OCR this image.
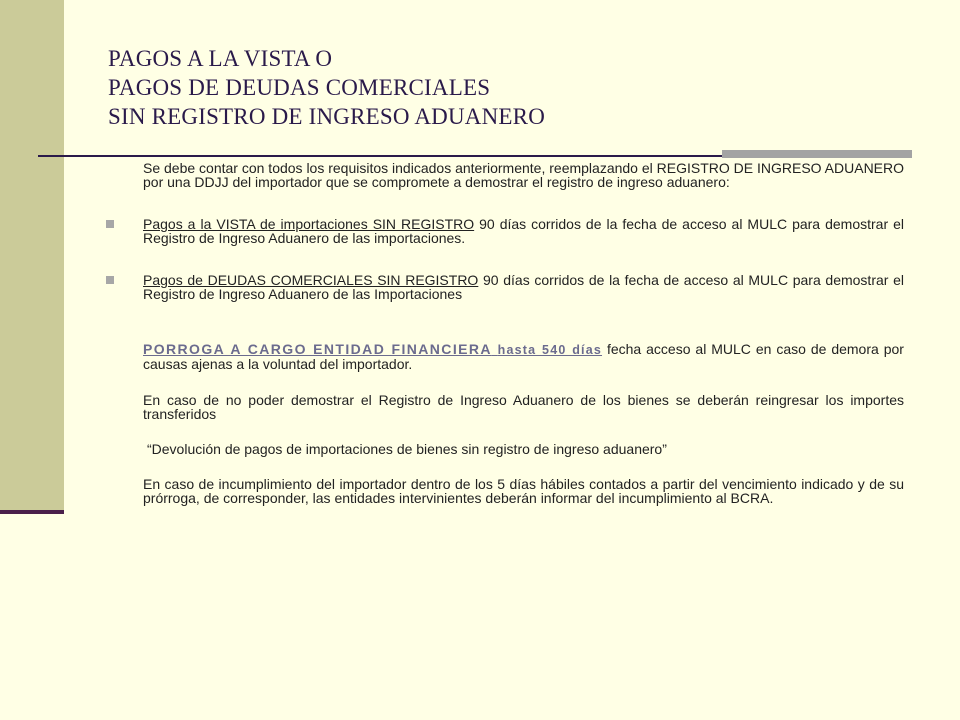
PAGOS A LA VISTA O
PAGOS DE DEUDAS COMERCIALES
SIN REGISTRO DE INGRESO ADUANERO

Se debe contar con todos los requisitos indicados anteriormente, reemplazando el REGISTRO DE INGRESO ADUANERO por una DDJJ del importador que se compromete a demostrar el registro de ingreso aduanero:

Pagos a la VISTA de importaciones SIN REGISTRO 90 días corridos de la fecha de acceso al MULC para demostrar el Registro de Ingreso Aduanero de las importaciones.

Pagos de DEUDAS COMERCIALES SIN REGISTRO 90 días corridos de la fecha de acceso al MULC para demostrar el Registro de Ingreso Aduanero de las Importaciones

PORROGA A CARGO ENTIDAD FINANCIERA hasta 540 días fecha acceso al MULC en caso de demora por causas ajenas a la voluntad del importador.

En caso de no poder demostrar el Registro de Ingreso Aduanero de los bienes se deberán reingresar los importes transferidos

“Devolución de pagos de importaciones de bienes sin registro de ingreso aduanero”

En caso de incumplimiento del importador dentro de los 5 días hábiles contados a partir del vencimiento indicado y de su prórroga, de corresponder, las entidades intervinientes deberán informar del incumplimiento al BCRA.
